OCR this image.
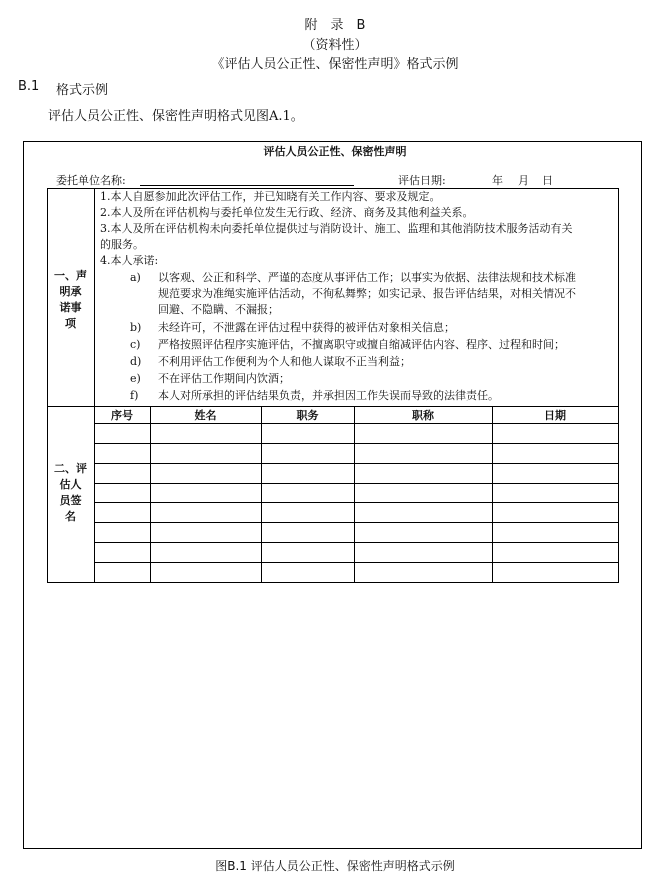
附　录　B
（资料性）
《评估人员公正性、保密性声明》格式示例
B.1 格式示例
评估人员公正性、保密性声明格式见图A.1。
评估人员公正性、保密性声明
委托单位名称:	评估日期:	年 月 日
一、声
明承
诺事
项
1.本人自愿参加此次评估工作，并已知晓有关工作内容、要求及规定。
2.本人及所在评估机构与委托单位发生无行政、经济、商务及其他利益关系。
3.本人及所在评估机构未向委托单位提供过与消防设计、施工、监理和其他消防技术服务活动有关
的服务。
4.本人承诺:
a) 以客观、公正和科学、严谨的态度从事评估工作；以事实为依据、法律法规和技术标准
规范要求为准绳实施评估活动，不徇私舞弊；如实记录、报告评估结果，对相关情况不
回避、不隐瞒、不漏报；
b) 未经许可，不泄露在评估过程中获得的被评估对象相关信息；
c) 严格按照评估程序实施评估，不擅离职守或擅自缩减评估内容、程序、过程和时间；
d) 不利用评估工作便利为个人和他人谋取不正当利益；
e) 不在评估工作期间内饮酒；
f) 本人对所承担的评估结果负责，并承担因工作失误而导致的法律责任。
二、评
估人
员签
名
序号	姓名	职务	职称	日期
图B.1 评估人员公正性、保密性声明格式示例
